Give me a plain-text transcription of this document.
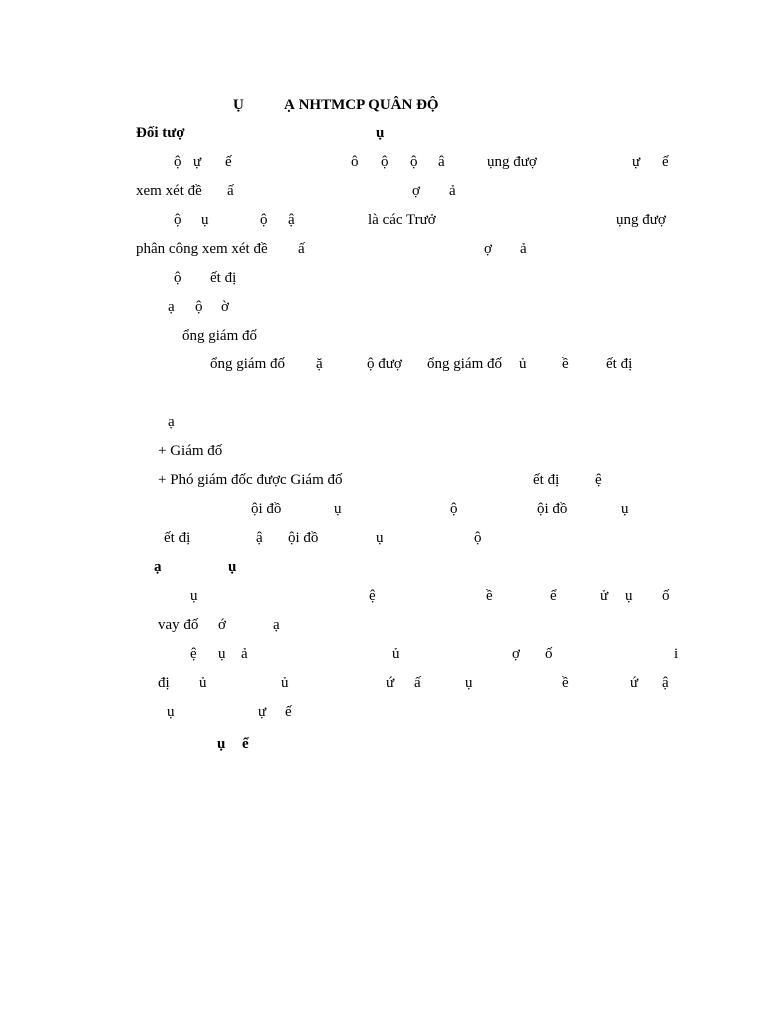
Ụ	Ạ NHTMCP QUÂN ĐỘ
Đối tượ	ụ
ộ ự ế	ô ộ ộ â	ụng đượ	ự ế
xem xét đề ấ	ợ ả
ộ ụ	ộ ậ	là các Trưở	ụng đượ
phân công xem xét đề ấ	ợ ả
ộ ết đị
ạ ộ ờ
ổng giám đố
ổng giám đố ặ	ộ đượ ổng giám đố ủ ề ết đị
ạ
+ Giám đố
+ Phó giám đốc được Giám đố	ết đị ệ
ội đồ	ụ	ộ	ội đồ	ụ
ết đị	ậ ội đồ	ụ	ộ
ạ	ụ
ụ	ệ	ề	ể	ử ụ ố
vay đố ớ	ạ
ệ ụ ả	ủ	ợ ố	i
đị ủ	ủ	ứ ấ	ụ	ề	ứ ậ
ụ	ự ế
ụ ể
